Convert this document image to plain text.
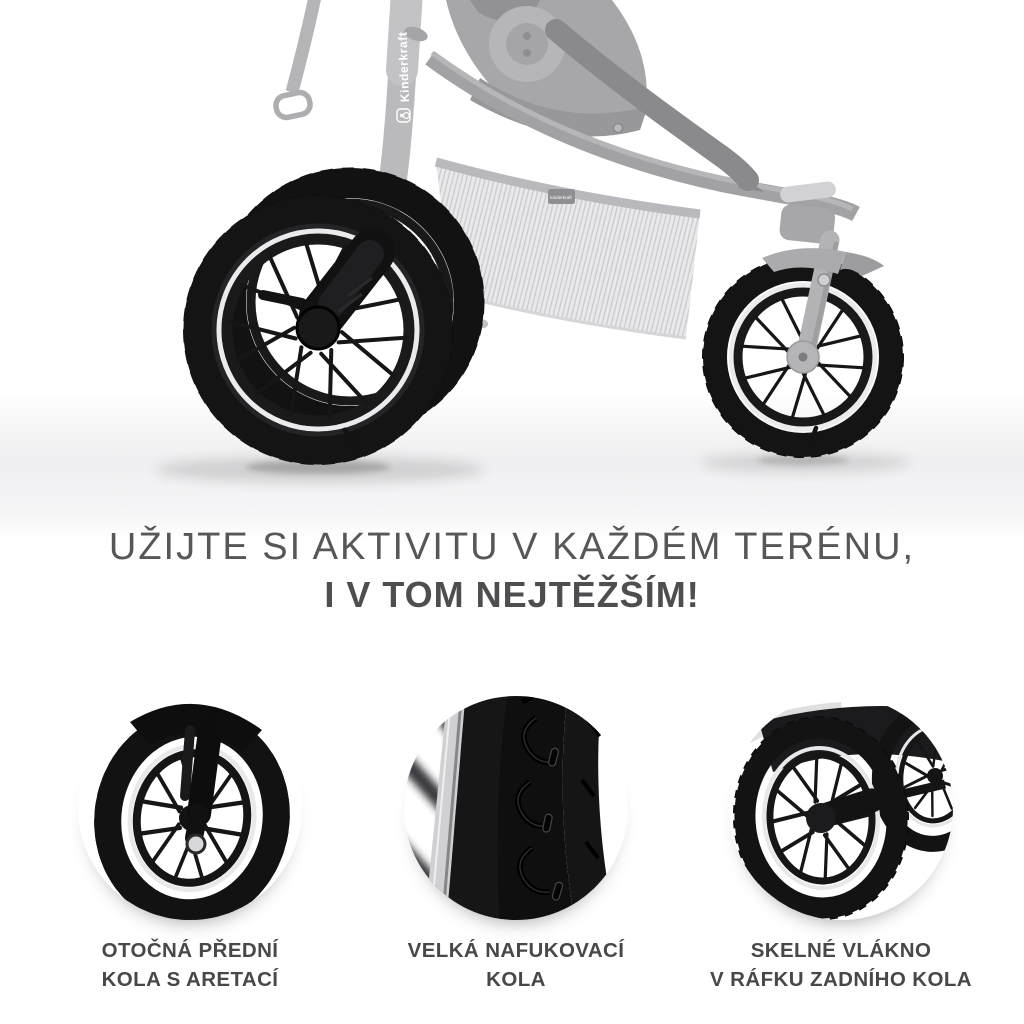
Kinderkraft
kinderkraft
UŽIJTE SI AKTIVITU V KAŽDÉM TERÉNU,
I V TOM NEJTĚŽŠÍM!
OTOČNÁ PŘEDNÍ
KOLA S ARETACÍ
VELKÁ NAFUKOVACÍ
KOLA
SKELNÉ VLÁKNO
V RÁFKU ZADNÍHO KOLA
